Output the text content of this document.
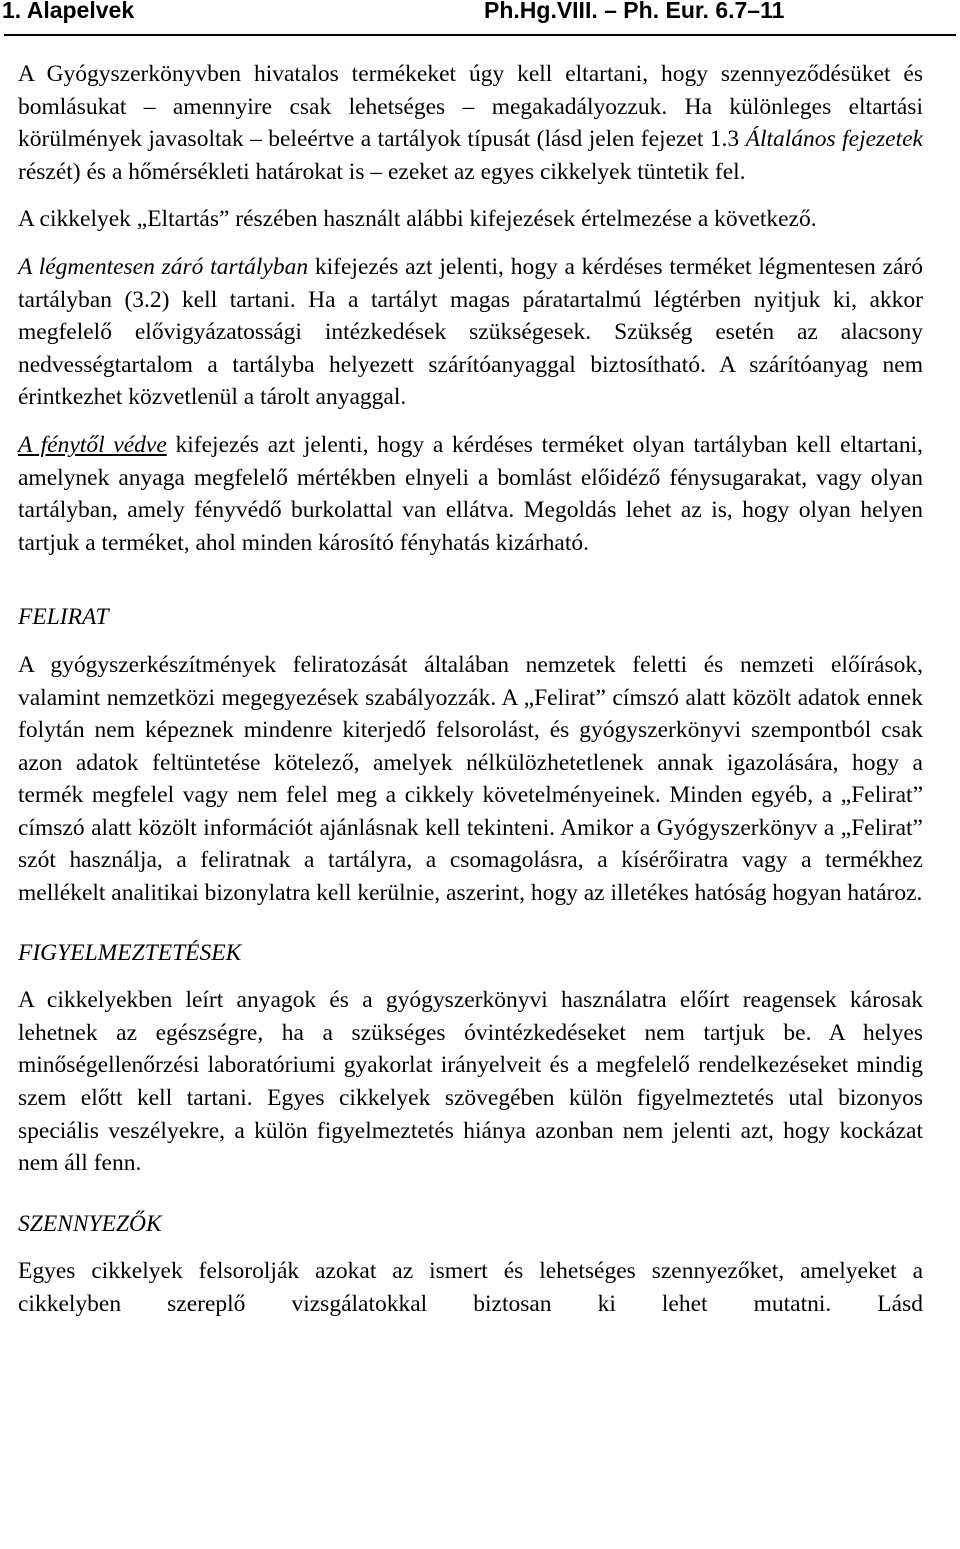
1. Alapelvek	Ph.Hg.VIII. – Ph. Eur. 6.7–11

A Gyógyszerkönyvben hivatalos termékeket úgy kell eltartani, hogy szennyeződésüket és bomlásukat – amennyire csak lehetséges – megakadályozzuk. Ha különleges eltartási körülmények javasoltak – beleértve a tartályok típusát (lásd jelen fejezet 1.3 Általános fejezetek részét) és a hőmérsékleti határokat is – ezeket az egyes cikkelyek tüntetik fel.

A cikkelyek „Eltartás” részében használt alábbi kifejezések értelmezése a következő.

A légmentesen záró tartályban kifejezés azt jelenti, hogy a kérdéses terméket légmentesen záró tartályban (3.2) kell tartani. Ha a tartályt magas páratartalmú légtérben nyitjuk ki, akkor megfelelő elővigyázatossági intézkedések szükségesek. Szükség esetén az alacsony nedvességtartalom a tartályba helyezett szárítóanyaggal biztosítható. A szárítóanyag nem érintkezhet közvetlenül a tárolt anyaggal.

A fénytől védve kifejezés azt jelenti, hogy a kérdéses terméket olyan tartályban kell eltartani, amelynek anyaga megfelelő mértékben elnyeli a bomlást előidéző fénysugarakat, vagy olyan tartályban, amely fényvédő burkolattal van ellátva. Megoldás lehet az is, hogy olyan helyen tartjuk a terméket, ahol minden károsító fényhatás kizárható.

FELIRAT

A gyógyszerkészítmények feliratozását általában nemzetek feletti és nemzeti előírások, valamint nemzetközi megegyezések szabályozzák. A „Felirat” címszó alatt közölt adatok ennek folytán nem képeznek mindenre kiterjedő felsorolást, és gyógyszerkönyvi szempontból csak azon adatok feltüntetése kötelező, amelyek nélkülözhetetlenek annak igazolására, hogy a termék megfelel vagy nem felel meg a cikkely követelményeinek. Minden egyéb, a „Felirat” címszó alatt közölt információt ajánlásnak kell tekinteni. Amikor a Gyógyszerkönyv a „Felirat” szót használja, a feliratnak a tartályra, a csomagolásra, a kísérőiratra vagy a termékhez mellékelt analitikai bizonylatra kell kerülnie, aszerint, hogy az illetékes hatóság hogyan határoz.

FIGYELMEZTETÉSEK

A cikkelyekben leírt anyagok és a gyógyszerkönyvi használatra előírt reagensek károsak lehetnek az egészségre, ha a szükséges óvintézkedéseket nem tartjuk be. A helyes minőségellenőrzési laboratóriumi gyakorlat irányelveit és a megfelelő rendelkezéseket mindig szem előtt kell tartani. Egyes cikkelyek szövegében külön figyelmeztetés utal bizonyos speciális veszélyekre, a külön figyelmeztetés hiánya azonban nem jelenti azt, hogy kockázat nem áll fenn.

SZENNYEZŐK

Egyes cikkelyek felsorolják azokat az ismert és lehetséges szennyezőket, amelyeket a cikkelyben szereplő vizsgálatokkal biztosan ki lehet mutatni. Lásd
